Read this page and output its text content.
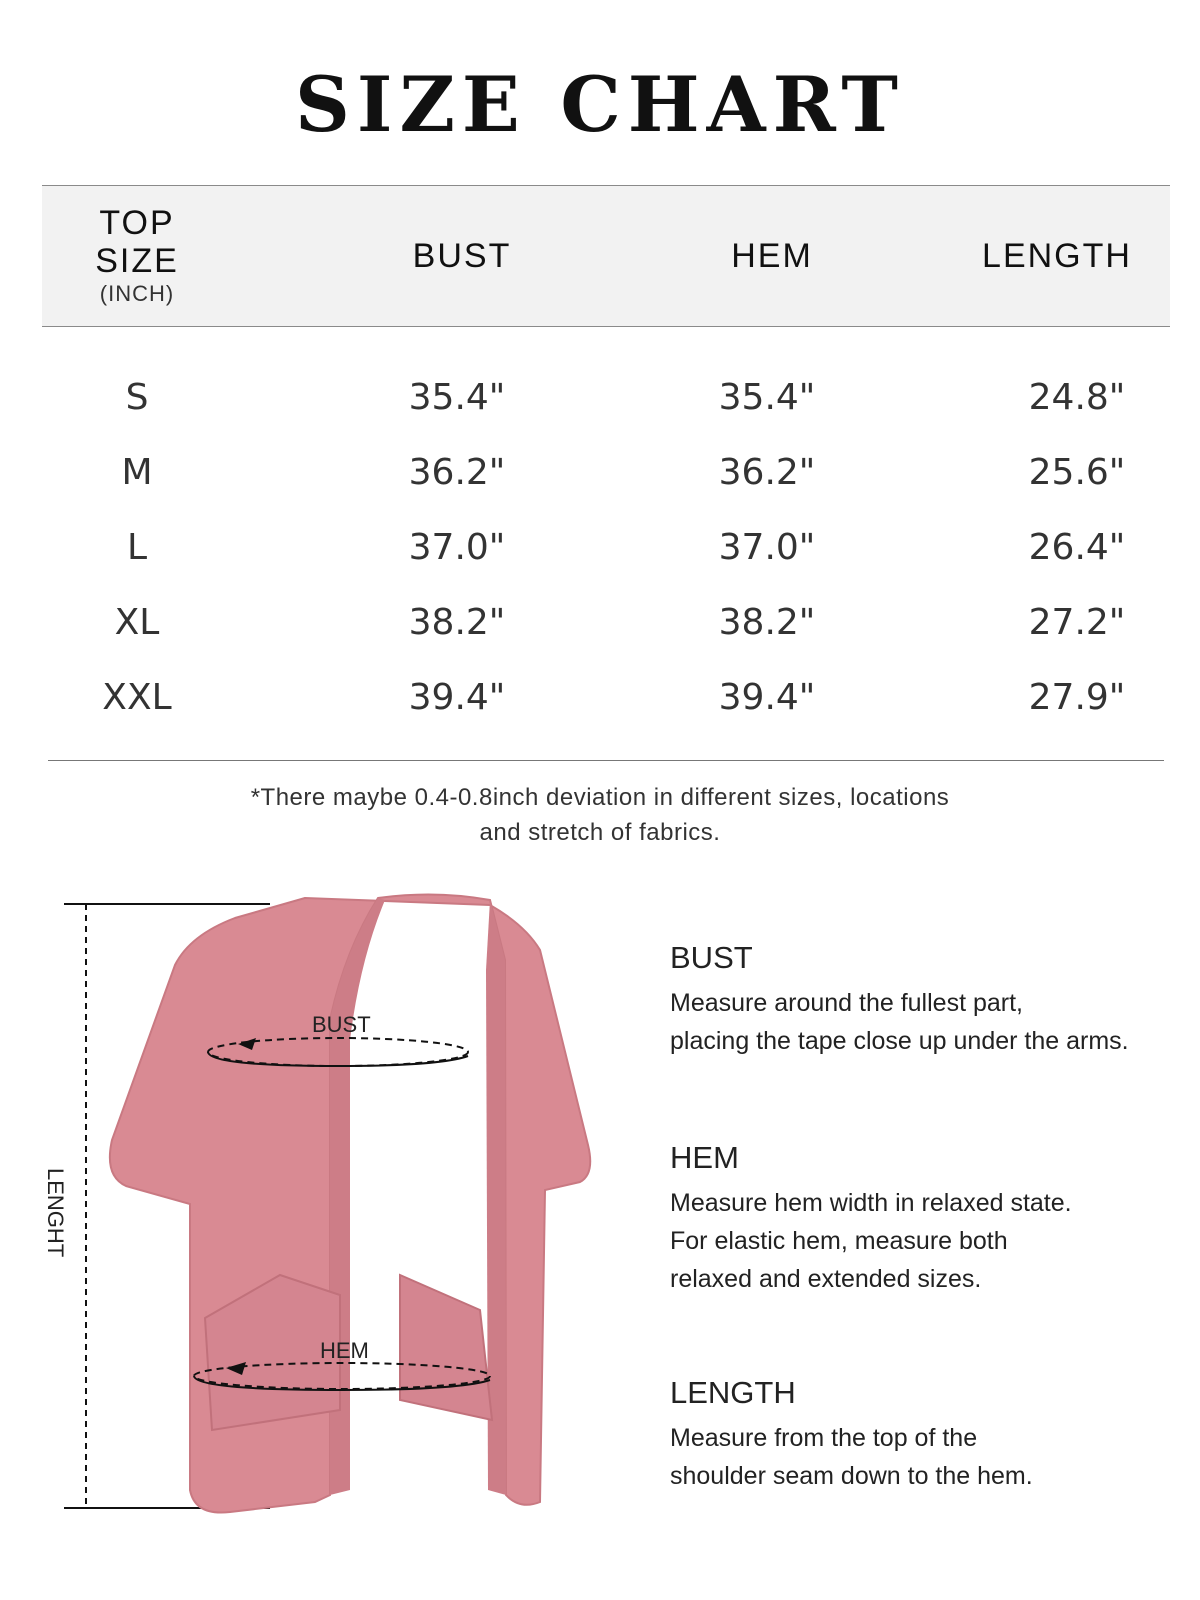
SIZE CHART
TOP
SIZE
(INCH)
BUST	HEM	LENGTH
S	35.4"	35.4"	24.8"
M	36.2"	36.2"	25.6"
L	37.0"	37.0"	26.4"
XL	38.2"	38.2"	27.2"
XXL	39.4"	39.4"	27.9"
*There maybe 0.4-0.8inch deviation in different sizes, locations
and stretch of fabrics.
LENGHT
BUST
HEM
BUST
Measure around the fullest part,
placing the tape close up under the arms.
HEM
Measure hem width in relaxed state.
For elastic hem, measure both
relaxed and extended sizes.
LENGTH
Measure from the top of the
shoulder seam down to the hem.
